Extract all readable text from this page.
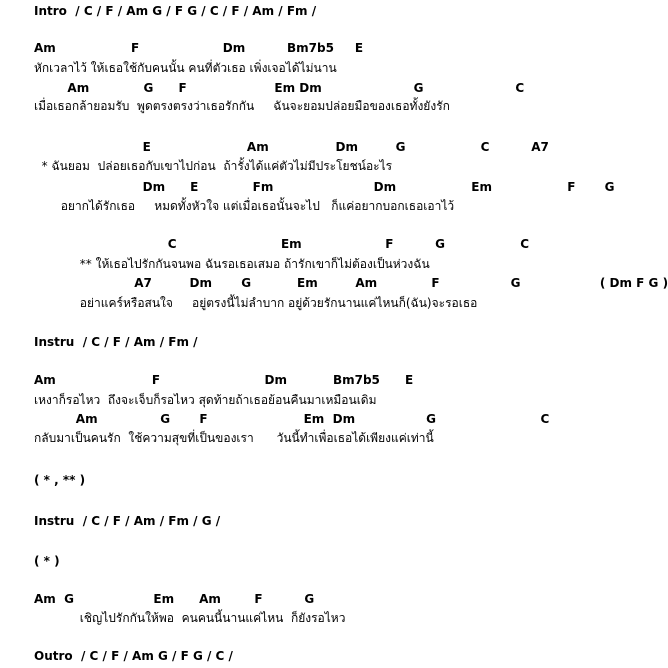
Intro  / C / F / Am G / F G / C / F / Am / Fm /
Am                  F                    Dm          Bm7b5     E
หักเวลาไว้ ให้เธอใช้กับคนนั้น คนที่ตัวเธอ เพิ่งเจอได้ไม่นาน
Am             G      F                     Em Dm                      G                      C
เมื่อเธอกล้ายอมรับ  พูดตรงตรงว่าเธอรักกัน     ฉันจะยอมปล่อยมือของเธอทั้งยังรัก
E                       Am                Dm         G                  C          A7
* ฉันยอม  ปล่อยเธอกับเขาไปก่อน  ถ้ารั้งได้แค่ตัวไม่มีประโยชน์อะไร
Dm      E             Fm                        Dm                  Em                  F       G
อยากได้รักเธอ     หมดทั้งหัวใจ แต่เมื่อเธอนั้นจะไป   ก็แค่อยากบอกเธอเอาไว้
C                         Em                    F          G                  C
** ให้เธอไปรักกันจนพอ ฉันรอเธอเสมอ ถ้ารักเขาก็ไม่ต้องเป็นห่วงฉัน
A7         Dm       G           Em         Am             F                 G                   ( Dm F G )
อย่าแคร์หรือสนใจ     อยู่ตรงนี้ไม่ลำบาก อยู่ด้วยรักนานแค่ไหนก็(ฉัน)จะรอเธอ
Instru  / C / F / Am / Fm /
Am                       F                         Dm           Bm7b5      E
เหงาก็รอไหว  ถึงจะเจ็บก็รอไหว สุดท้ายถ้าเธอย้อนคืนมาเหมือนเดิม
Am               G       F                       Em  Dm                 G                         C
กลับมาเป็นคนรัก  ใช้ความสุขที่เป็นของเรา      วันนี้ทำเพื่อเธอได้เพียงแค่เท่านี้
( * , ** )
Instru  / C / F / Am / Fm / G /
( * )
Am  G                   Em      Am        F          G
เชิญไปรักกันให้พอ  คนคนนี้นานแค่ไหน  ก็ยังรอไหว
Outro  / C / F / Am G / F G / C /
